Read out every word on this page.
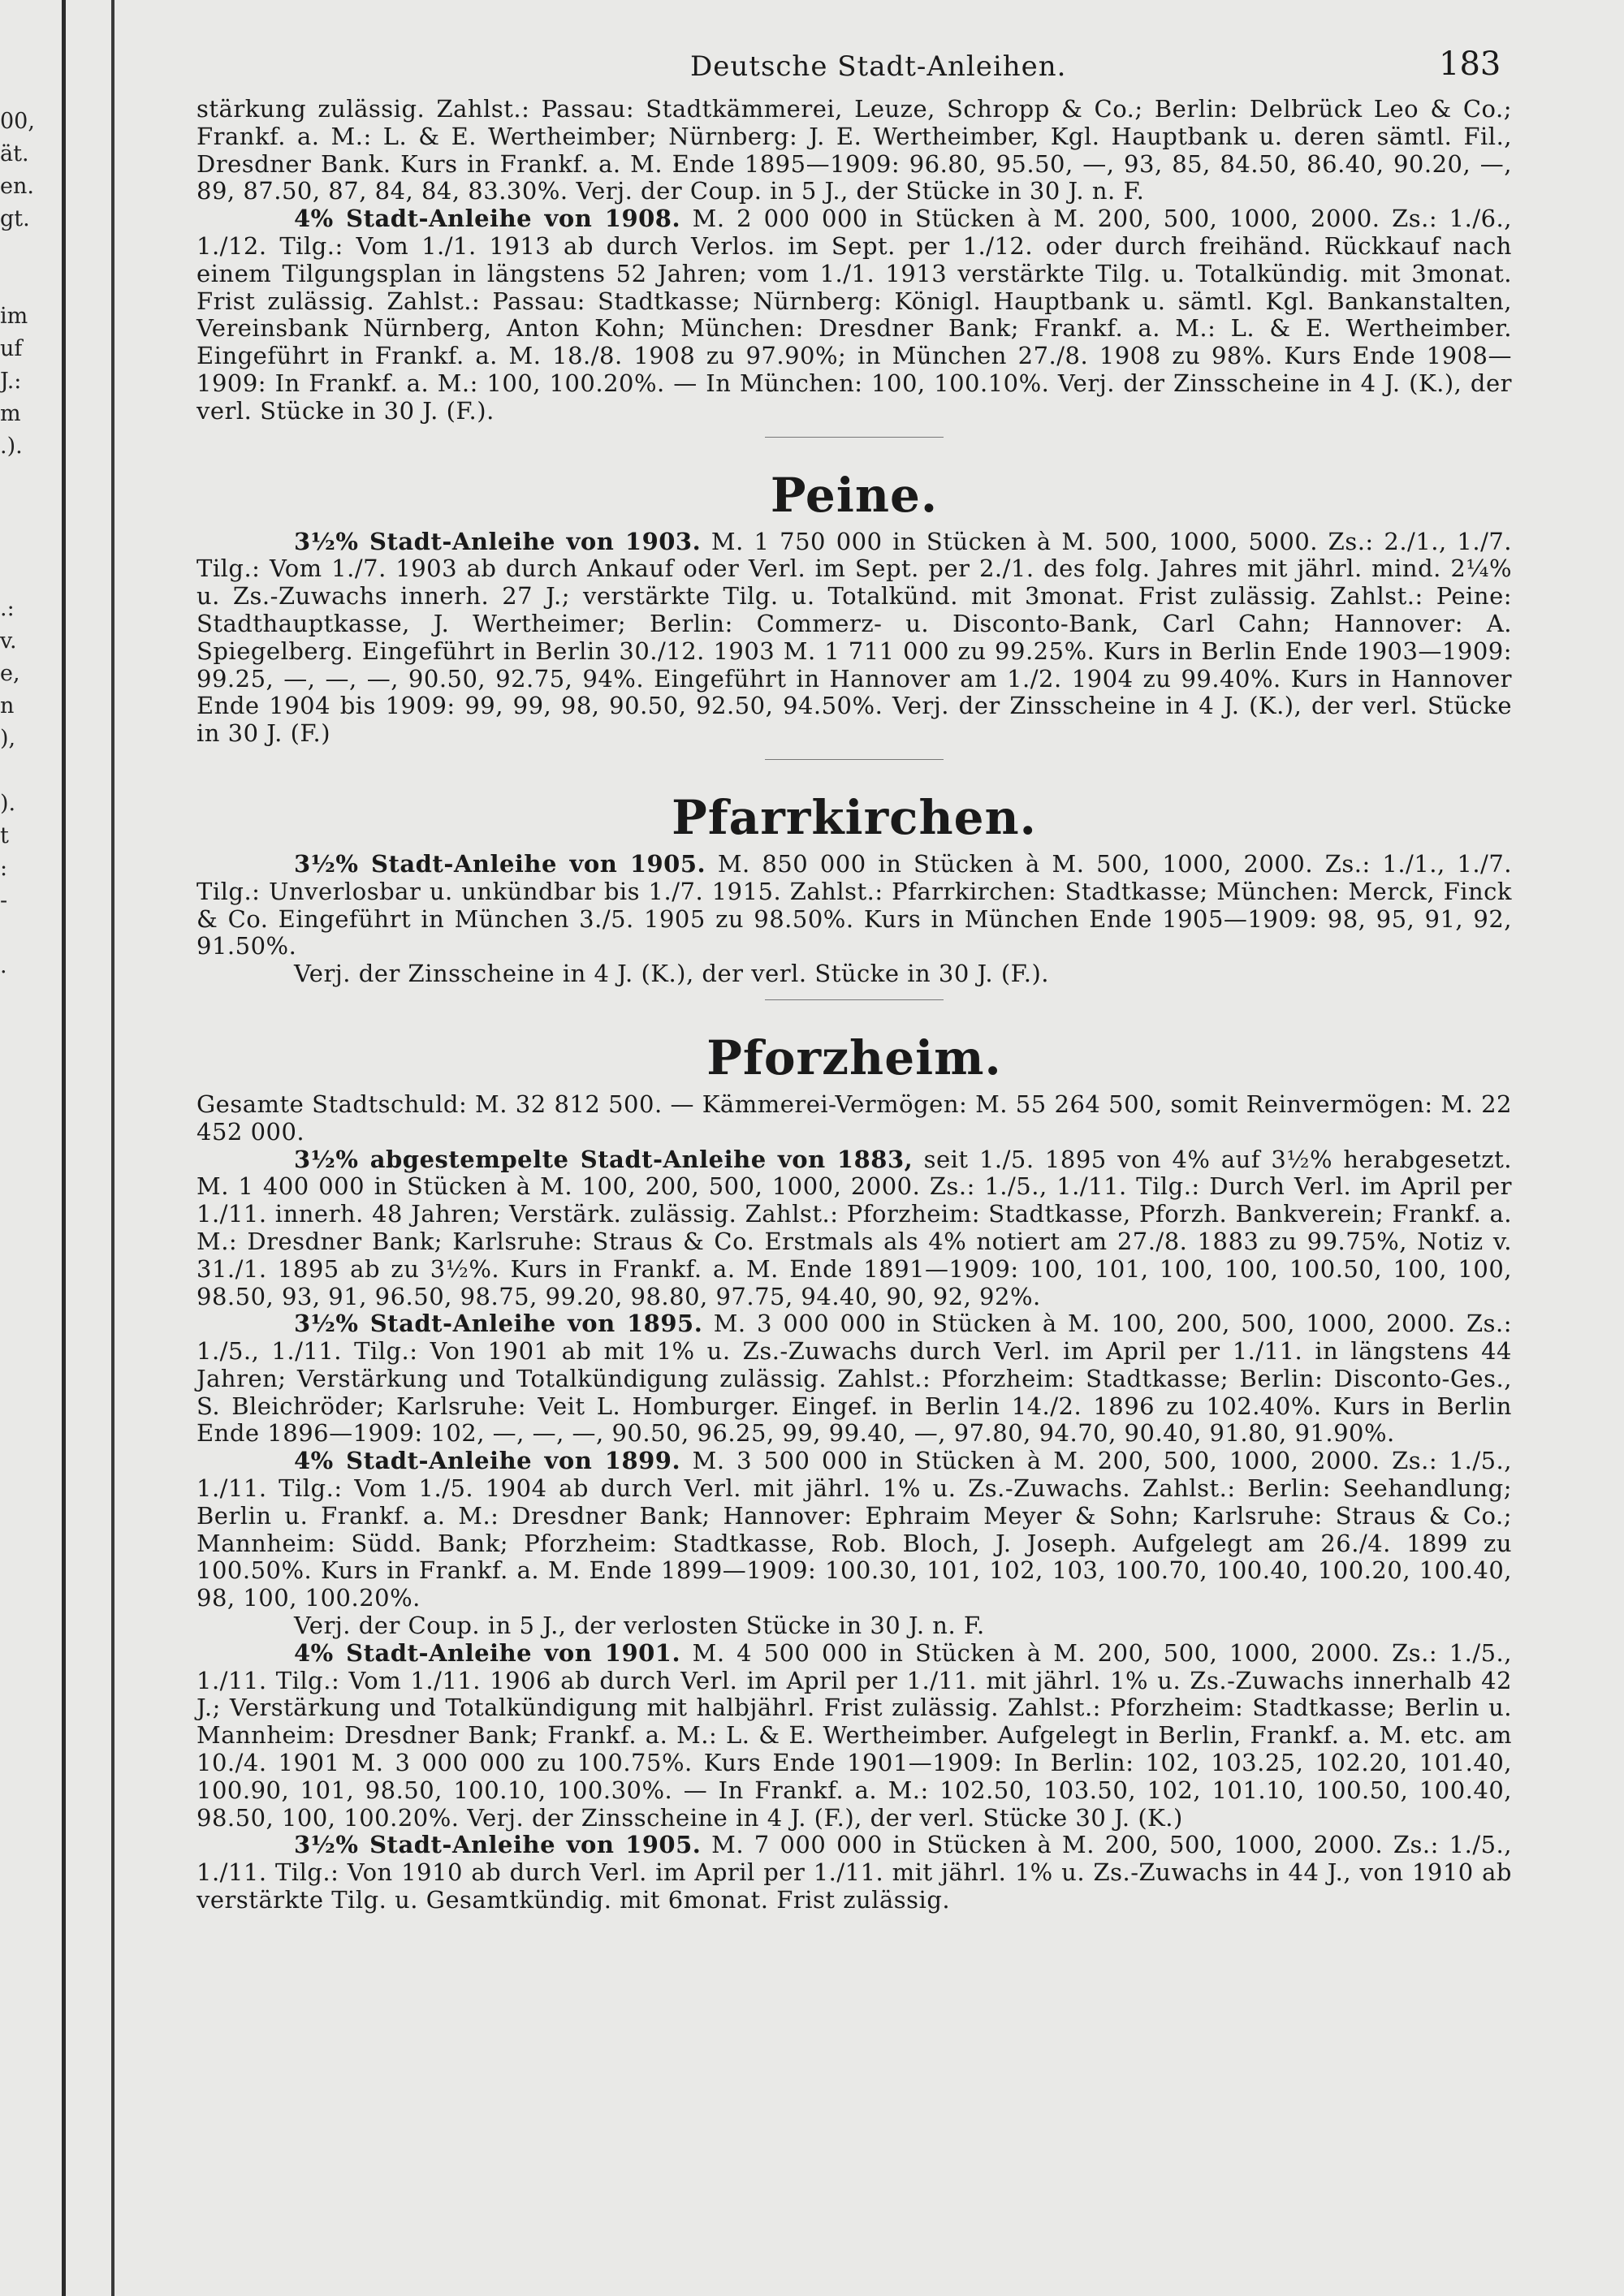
00,
ät.
en.
gt.

im
uf
J.:
m
.).

.:
v.
e,
n
),

).
t
:
-

.
Deutsche Stadt-Anleihen.	183

stärkung zulässig. Zahlst.: Passau: Stadtkämmerei, Leuze, Schropp & Co.; Berlin: Delbrück Leo & Co.; Frankf. a. M.: L. & E. Wertheimber; Nürnberg: J. E. Wertheimber, Kgl. Hauptbank u. deren sämtl. Fil., Dresdner Bank. Kurs in Frankf. a. M. Ende 1895—1909: 96.80, 95.50, —, 93, 85, 84.50, 86.40, 90.20, —, 89, 87.50, 87, 84, 84, 83.30%. Verj. der Coup. in 5 J., der Stücke in 30 J. n. F.

4% Stadt-Anleihe von 1908. M. 2 000 000 in Stücken à M. 200, 500, 1000, 2000. Zs.: 1./6., 1./12. Tilg.: Vom 1./1. 1913 ab durch Verlos. im Sept. per 1./12. oder durch freihänd. Rückkauf nach einem Tilgungsplan in längstens 52 Jahren; vom 1./1. 1913 verstärkte Tilg. u. Totalkündig. mit 3monat. Frist zulässig. Zahlst.: Passau: Stadtkasse; Nürnberg: Königl. Hauptbank u. sämtl. Kgl. Bankanstalten, Vereinsbank Nürnberg, Anton Kohn; München: Dresdner Bank; Frankf. a. M.: L. & E. Wertheimber. Eingeführt in Frankf. a. M. 18./8. 1908 zu 97.90%; in München 27./8. 1908 zu 98%. Kurs Ende 1908—1909: In Frankf. a. M.: 100, 100.20%. — In München: 100, 100.10%. Verj. der Zinsscheine in 4 J. (K.), der verl. Stücke in 30 J. (F.).

Peine.

3½% Stadt-Anleihe von 1903. M. 1 750 000 in Stücken à M. 500, 1000, 5000. Zs.: 2./1., 1./7. Tilg.: Vom 1./7. 1903 ab durch Ankauf oder Verl. im Sept. per 2./1. des folg. Jahres mit jährl. mind. 2¼% u. Zs.-Zuwachs innerh. 27 J.; verstärkte Tilg. u. Totalkünd. mit 3monat. Frist zulässig. Zahlst.: Peine: Stadthauptkasse, J. Wertheimer; Berlin: Commerz- u. Disconto-Bank, Carl Cahn; Hannover: A. Spiegelberg. Eingeführt in Berlin 30./12. 1903 M. 1 711 000 zu 99.25%. Kurs in Berlin Ende 1903—1909: 99.25, —, —, —, 90.50, 92.75, 94%. Eingeführt in Hannover am 1./2. 1904 zu 99.40%. Kurs in Hannover Ende 1904 bis 1909: 99, 99, 98, 90.50, 92.50, 94.50%. Verj. der Zinsscheine in 4 J. (K.), der verl. Stücke in 30 J. (F.)

Pfarrkirchen.

3½% Stadt-Anleihe von 1905. M. 850 000 in Stücken à M. 500, 1000, 2000. Zs.: 1./1., 1./7. Tilg.: Unverlosbar u. unkündbar bis 1./7. 1915. Zahlst.: Pfarrkirchen: Stadtkasse; München: Merck, Finck & Co. Eingeführt in München 3./5. 1905 zu 98.50%. Kurs in München Ende 1905—1909: 98, 95, 91, 92, 91.50%.

Verj. der Zinsscheine in 4 J. (K.), der verl. Stücke in 30 J. (F.).

Pforzheim.

Gesamte Stadtschuld: M. 32 812 500. — Kämmerei-Vermögen: M. 55 264 500, somit Reinvermögen: M. 22 452 000.

3½% abgestempelte Stadt-Anleihe von 1883, seit 1./5. 1895 von 4% auf 3½% herabgesetzt. M. 1 400 000 in Stücken à M. 100, 200, 500, 1000, 2000. Zs.: 1./5., 1./11. Tilg.: Durch Verl. im April per 1./11. innerh. 48 Jahren; Verstärk. zulässig. Zahlst.: Pforzheim: Stadtkasse, Pforzh. Bankverein; Frankf. a. M.: Dresdner Bank; Karlsruhe: Straus & Co. Erstmals als 4% notiert am 27./8. 1883 zu 99.75%, Notiz v. 31./1. 1895 ab zu 3½%. Kurs in Frankf. a. M. Ende 1891—1909: 100, 101, 100, 100, 100.50, 100, 100, 98.50, 93, 91, 96.50, 98.75, 99.20, 98.80, 97.75, 94.40, 90, 92, 92%.

3½% Stadt-Anleihe von 1895. M. 3 000 000 in Stücken à M. 100, 200, 500, 1000, 2000. Zs.: 1./5., 1./11. Tilg.: Von 1901 ab mit 1% u. Zs.-Zuwachs durch Verl. im April per 1./11. in längstens 44 Jahren; Verstärkung und Totalkündigung zulässig. Zahlst.: Pforzheim: Stadtkasse; Berlin: Disconto-Ges., S. Bleichröder; Karlsruhe: Veit L. Homburger. Eingef. in Berlin 14./2. 1896 zu 102.40%. Kurs in Berlin Ende 1896—1909: 102, —, —, —, 90.50, 96.25, 99, 99.40, —, 97.80, 94.70, 90.40, 91.80, 91.90%.

4% Stadt-Anleihe von 1899. M. 3 500 000 in Stücken à M. 200, 500, 1000, 2000. Zs.: 1./5., 1./11. Tilg.: Vom 1./5. 1904 ab durch Verl. mit jährl. 1% u. Zs.-Zuwachs. Zahlst.: Berlin: Seehandlung; Berlin u. Frankf. a. M.: Dresdner Bank; Hannover: Ephraim Meyer & Sohn; Karlsruhe: Straus & Co.; Mannheim: Südd. Bank; Pforzheim: Stadtkasse, Rob. Bloch, J. Joseph. Aufgelegt am 26./4. 1899 zu 100.50%. Kurs in Frankf. a. M. Ende 1899—1909: 100.30, 101, 102, 103, 100.70, 100.40, 100.20, 100.40, 98, 100, 100.20%.

Verj. der Coup. in 5 J., der verlosten Stücke in 30 J. n. F.

4% Stadt-Anleihe von 1901. M. 4 500 000 in Stücken à M. 200, 500, 1000, 2000. Zs.: 1./5., 1./11. Tilg.: Vom 1./11. 1906 ab durch Verl. im April per 1./11. mit jährl. 1% u. Zs.-Zuwachs innerhalb 42 J.; Verstärkung und Totalkündigung mit halbjährl. Frist zulässig. Zahlst.: Pforzheim: Stadtkasse; Berlin u. Mannheim: Dresdner Bank; Frankf. a. M.: L. & E. Wertheimber. Aufgelegt in Berlin, Frankf. a. M. etc. am 10./4. 1901 M. 3 000 000 zu 100.75%. Kurs Ende 1901—1909: In Berlin: 102, 103.25, 102.20, 101.40, 100.90, 101, 98.50, 100.10, 100.30%. — In Frankf. a. M.: 102.50, 103.50, 102, 101.10, 100.50, 100.40, 98.50, 100, 100.20%. Verj. der Zinsscheine in 4 J. (F.), der verl. Stücke 30 J. (K.)

3½% Stadt-Anleihe von 1905. M. 7 000 000 in Stücken à M. 200, 500, 1000, 2000. Zs.: 1./5., 1./11. Tilg.: Von 1910 ab durch Verl. im April per 1./11. mit jährl. 1% u. Zs.-Zuwachs in 44 J., von 1910 ab verstärkte Tilg. u. Gesamtkündig. mit 6monat. Frist zulässig.
